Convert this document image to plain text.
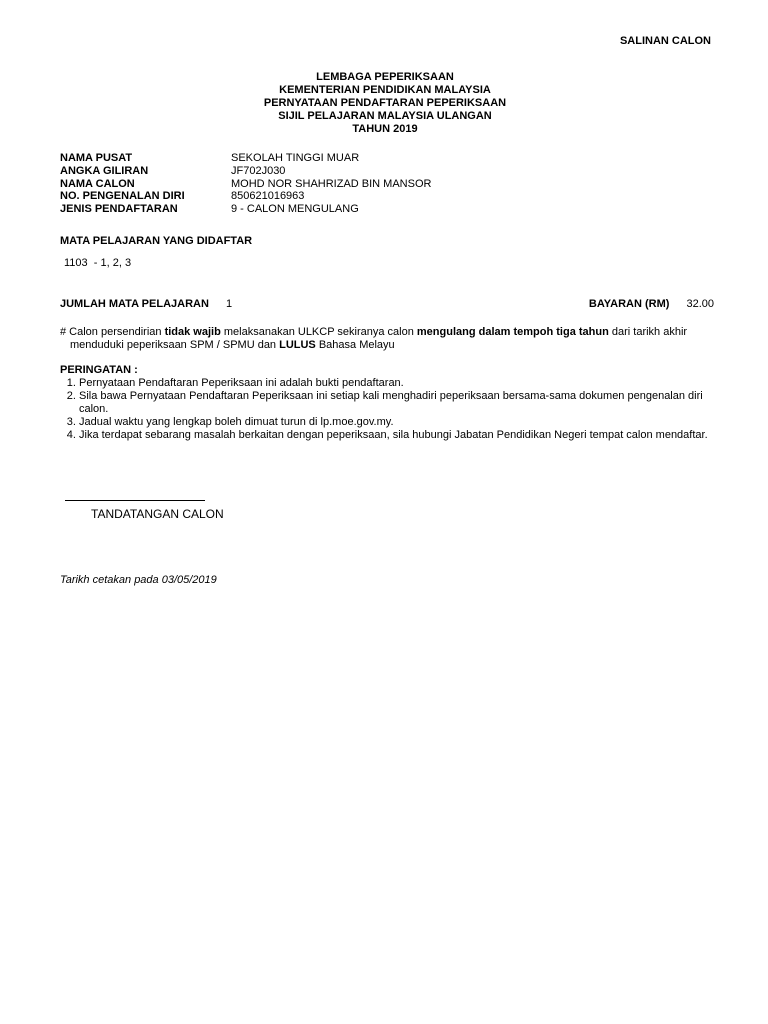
SALINAN CALON
LEMBAGA PEPERIKSAAN
KEMENTERIAN PENDIDIKAN MALAYSIA
PERNYATAAN PENDAFTARAN PEPERIKSAAN
SIJIL PELAJARAN MALAYSIA ULANGAN
TAHUN 2019
NAMA PUSAT	SEKOLAH TINGGI MUAR
ANGKA GILIRAN	JF702J030
NAMA CALON	MOHD NOR SHAHRIZAD BIN MANSOR
NO. PENGENALAN DIRI	850621016963
JENIS PENDAFTARAN	9 - CALON MENGULANG
MATA PELAJARAN YANG DIDAFTAR
1103  - 1, 2, 3
JUMLAH MATA PELAJARAN 1	BAYARAN (RM) 32.00
# Calon persendirian tidak wajib melaksanakan ULKCP sekiranya calon mengulang dalam tempoh tiga tahun dari tarikh akhir menduduki peperiksaan SPM / SPMU dan LULUS Bahasa Melayu
PERINGATAN :
1. Pernyataan Pendaftaran Peperiksaan ini adalah bukti pendaftaran.
2. Sila bawa Pernyataan Pendaftaran Peperiksaan ini setiap kali menghadiri peperiksaan bersama-sama dokumen pengenalan diri calon.
3. Jadual waktu yang lengkap boleh dimuat turun di lp.moe.gov.my.
4. Jika terdapat sebarang masalah berkaitan dengan peperiksaan, sila hubungi Jabatan Pendidikan Negeri tempat calon mendaftar.
TANDATANGAN CALON
Tarikh cetakan pada 03/05/2019
